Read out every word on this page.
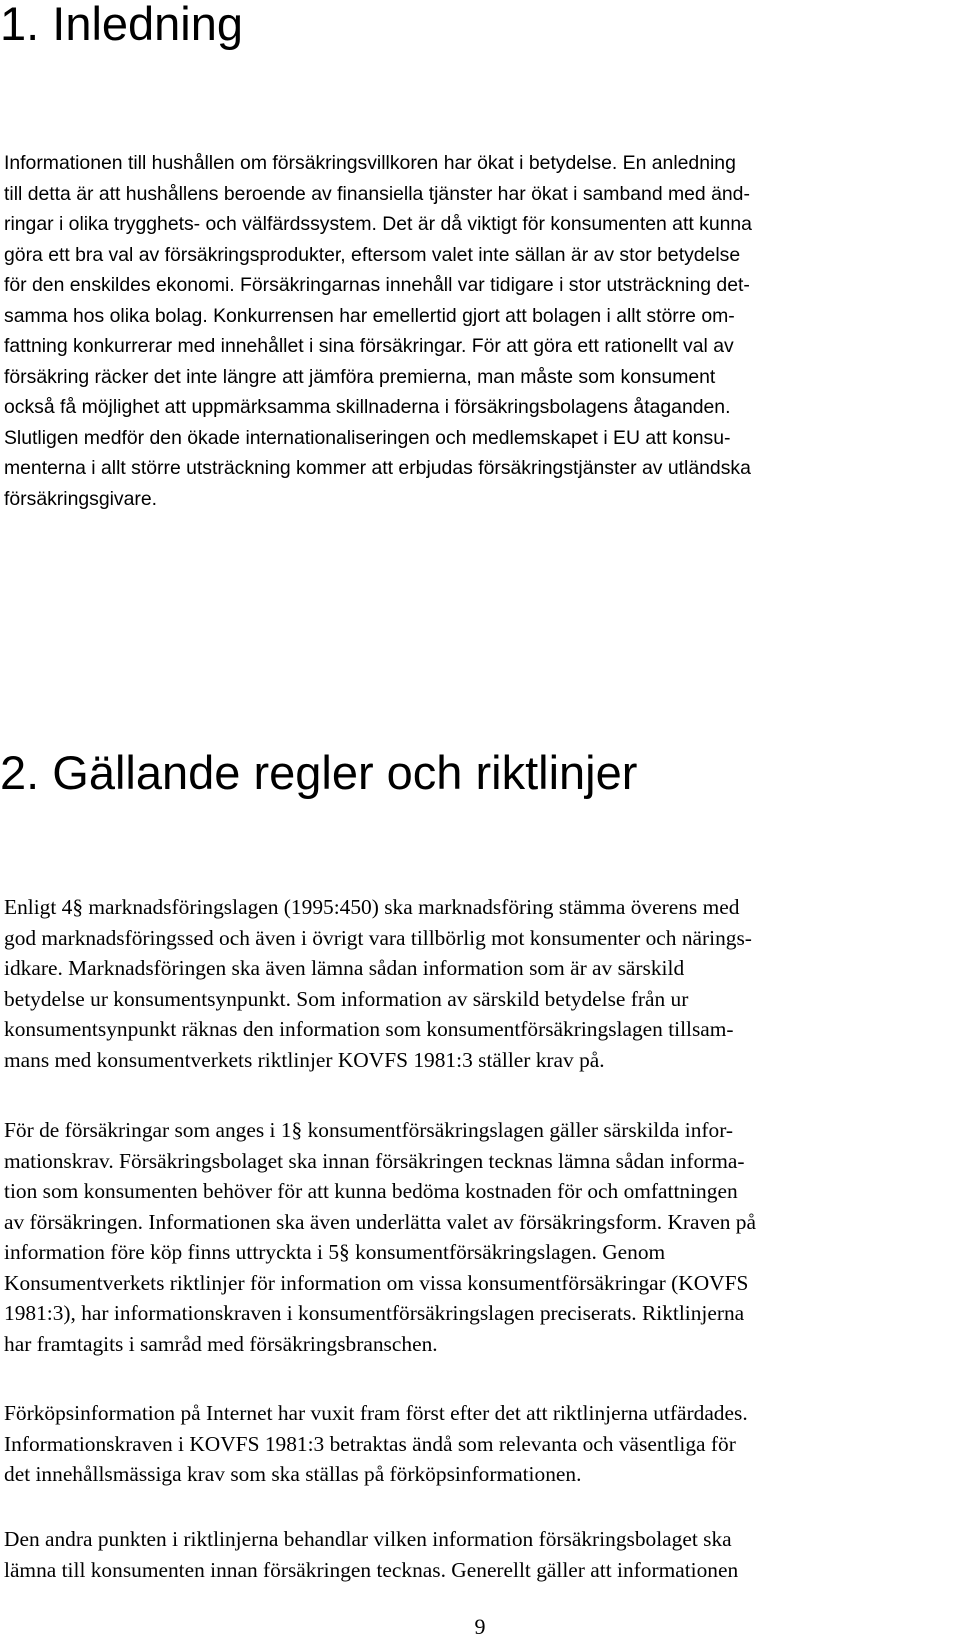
1. Inledning
Informationen till hushållen om försäkringsvillkoren har ökat i betydelse. En anledning
till detta är att hushållens beroende av finansiella tjänster har ökat i samband med änd-
ringar i olika trygghets- och välfärdssystem. Det är då viktigt för konsumenten att kunna
göra ett bra val av försäkringsprodukter, eftersom valet inte sällan är av stor betydelse
för den enskildes ekonomi. Försäkringarnas innehåll var tidigare i stor utsträckning det-
samma hos olika bolag. Konkurrensen har emellertid gjort att bolagen i allt större om-
fattning konkurrerar med innehållet i sina försäkringar. För att göra ett rationellt val av
försäkring räcker det inte längre att jämföra premierna, man måste som konsument
också få möjlighet att uppmärksamma skillnaderna i försäkringsbolagens åtaganden.
Slutligen medför den ökade internationaliseringen och medlemskapet i EU att konsu-
menterna i allt större utsträckning kommer att erbjudas försäkringstjänster av utländska
försäkringsgivare.
2. Gällande regler och riktlinjer
Enligt 4§ marknadsföringslagen (1995:450) ska marknadsföring stämma överens med
god marknadsföringssed och även i övrigt vara tillbörlig mot konsumenter och närings-
idkare. Marknadsföringen ska även lämna sådan information som är av särskild
betydelse ur konsumentsynpunkt. Som information av särskild betydelse från ur
konsumentsynpunkt räknas den information som konsumentförsäkringslagen tillsam-
mans med konsumentverkets riktlinjer KOVFS 1981:3 ställer krav på.
För de försäkringar som anges i 1§ konsumentförsäkringslagen gäller särskilda infor-
mationskrav. Försäkringsbolaget ska innan försäkringen tecknas lämna sådan informa-
tion som konsumenten behöver för att kunna bedöma kostnaden för och omfattningen
av försäkringen. Informationen ska även underlätta valet av försäkringsform. Kraven på
information före köp finns uttryckta i 5§ konsumentförsäkringslagen. Genom
Konsumentverkets riktlinjer för information om vissa konsumentförsäkringar (KOVFS
1981:3), har informationskraven i konsumentförsäkringslagen preciserats. Riktlinjerna
har framtagits i samråd med försäkringsbranschen.
Förköpsinformation på Internet har vuxit fram först efter det att riktlinjerna utfärdades.
Informationskraven i KOVFS 1981:3 betraktas ändå som relevanta och väsentliga för
det innehållsmässiga krav som ska ställas på förköpsinformationen.
Den andra punkten i riktlinjerna behandlar vilken information försäkringsbolaget ska
lämna till konsumenten innan försäkringen tecknas. Generellt gäller att informationen
9
